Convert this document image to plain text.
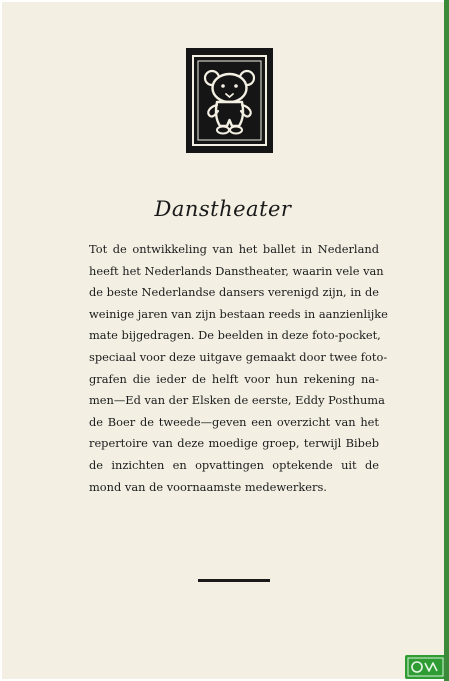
Danstheater
Tot de ontwikkeling van het ballet in Nederland
heeft het Nederlands Danstheater, waarin vele van
de beste Nederlandse dansers verenigd zijn, in de
weinige jaren van zijn bestaan reeds in aanzienlijke
mate bijgedragen. De beelden in deze foto-pocket,
speciaal voor deze uitgave gemaakt door twee foto-
grafen die ieder de helft voor hun rekening na-
men—Ed van der Elsken de eerste, Eddy Posthuma
de Boer de tweede—geven een overzicht van het
repertoire van deze moedige groep, terwijl Bibeb
de inzichten en opvattingen optekende uit de
mond van de voornaamste medewerkers.
